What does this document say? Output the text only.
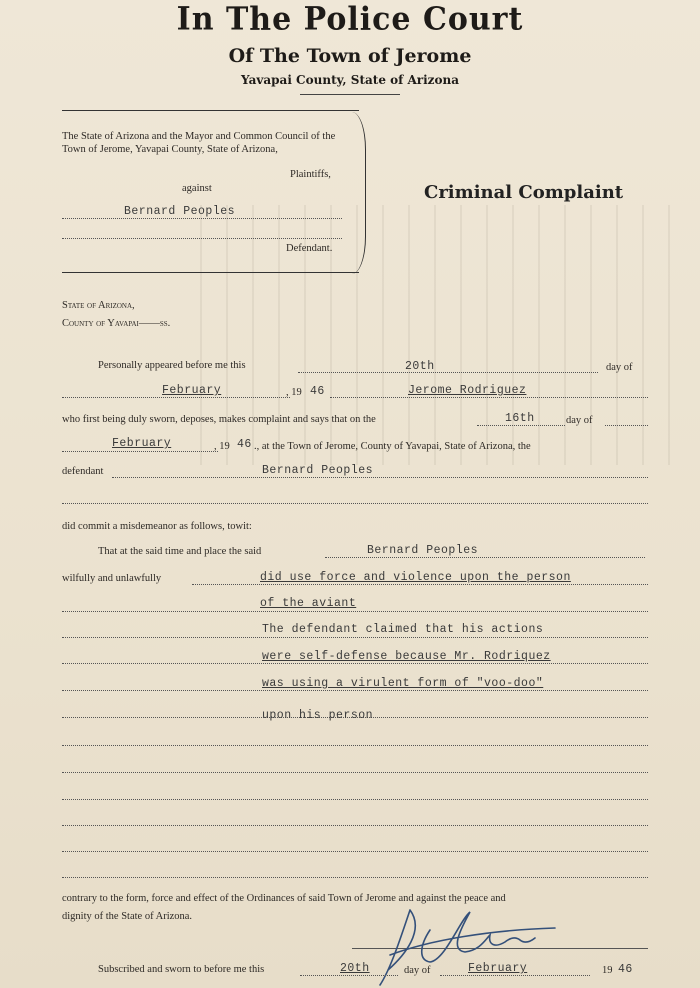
In The Police Court
Of The Town of Jerome
Yavapai County, State of Arizona
The State of Arizona and the Mayor and Common Council of the Town of Jerome, Yavapai County, State of Arizona,
Plaintiffs,
against
Bernard Peoples
Defendant.
Criminal Complaint
State of Arizona,
County of Yavapai——ss.
Personally appeared before me this	20th	day of
February	, 19 46	Jerome Rodriguez
who first being duly sworn, deposes, makes complaint and says that on the	16th	day of
February	, 19 46 ., at the Town of Jerome, County of Yavapai, State of Arizona, the
defendant	Bernard Peoples
did commit a misdemeanor as follows, towit:
That at the said time and place the said	Bernard Peoples
wilfully and unlawfully	did use force and violence upon the person
of the aviant
The defendant claimed that his actions
were self-defense because Mr. Rodriquez
was using a virulent form of "voo-doo"
upon his person
contrary to the form, force and effect of the Ordinances of said Town of Jerome and against the peace and
dignity of the State of Arizona.
Subscribed and sworn to before me this	20th	day of	February	19 46
